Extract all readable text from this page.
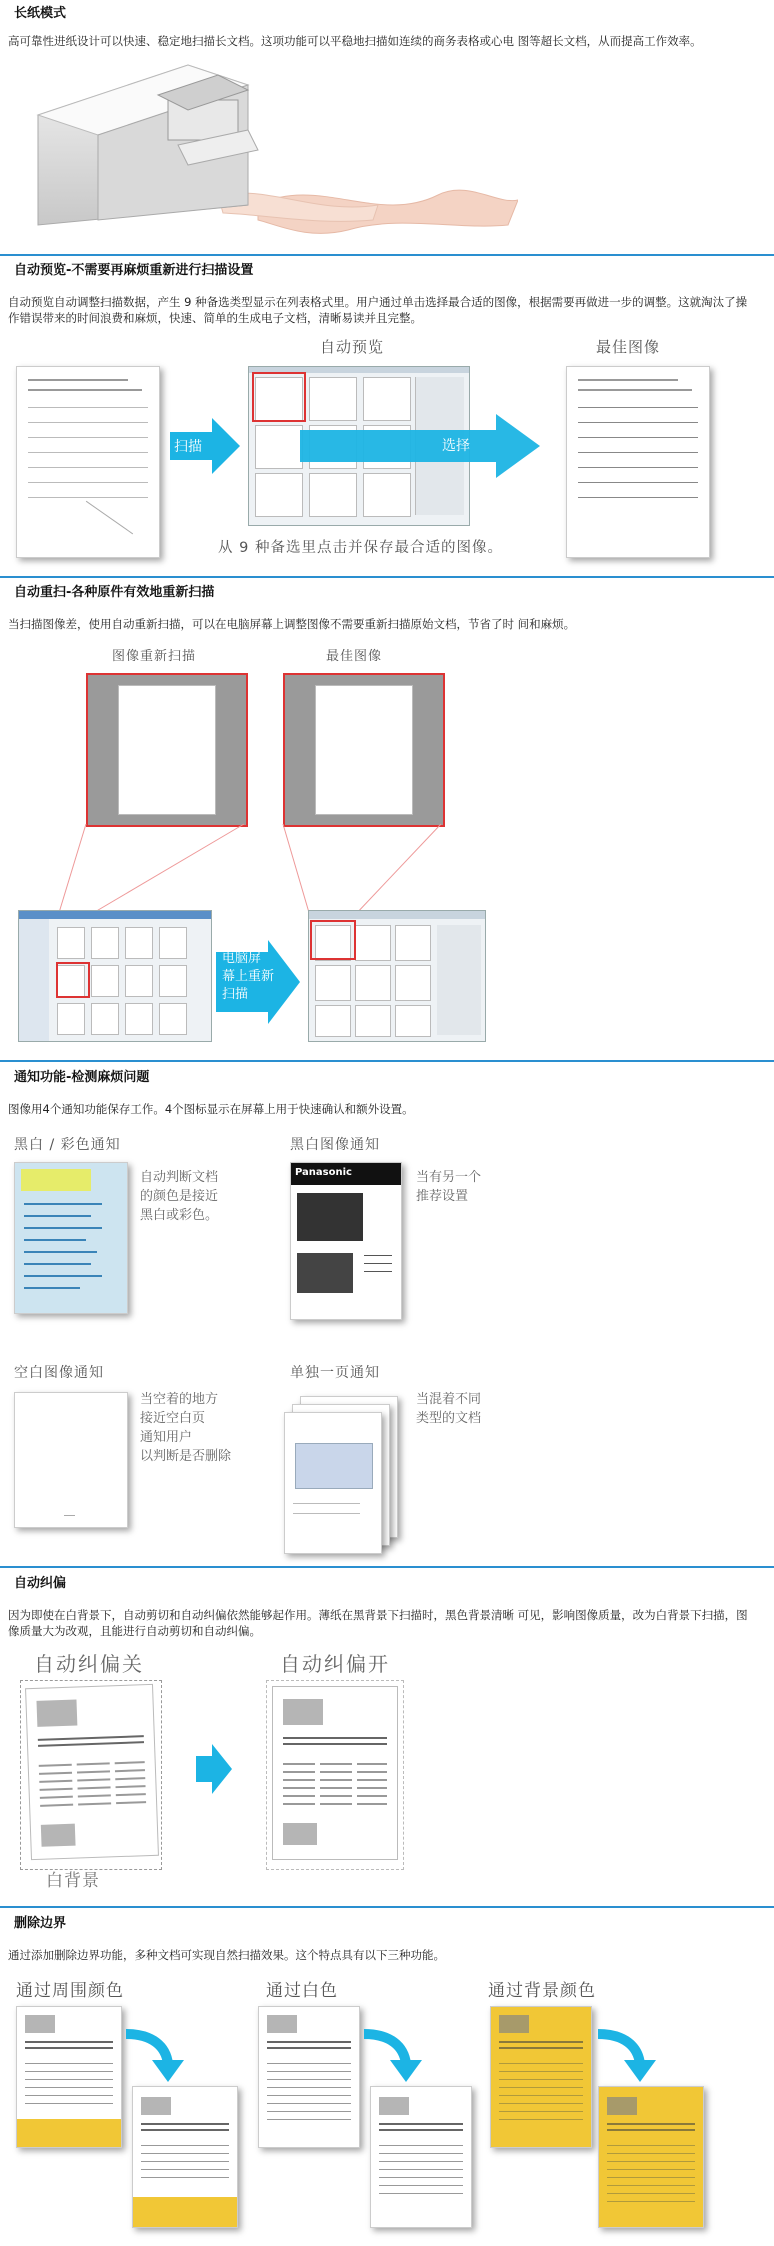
长纸模式
高可靠性进纸设计可以快速、稳定地扫描长文档。这项功能可以平稳地扫描如连续的商务表格或心电 图等超长文档，从而提高工作效率。
自动预览-不需要再麻烦重新进行扫描设置
自动预览自动调整扫描数据，产生 9 种备选类型显示在列表格式里。用户通过单击选择最合适的图像，根据需要再做进一步的调整。这就淘汰了操作错误带来的时间浪费和麻烦，快速、简单的生成电子文档，清晰易读并且完整。
自动预览	最佳图像
扫描	选择
从 9 种备选里点击并保存最合适的图像。
自动重扫-各种原件有效地重新扫描
当扫描图像差，使用自动重新扫描，可以在电脑屏幕上调整图像不需要重新扫描原始文档，节省了时 间和麻烦。
图像重新扫描	最佳图像
电脑屏
幕上重新
扫描
通知功能-检测麻烦问题
图像用4个通知功能保存工作。4个图标显示在屏幕上用于快速确认和额外设置。
黑白 / 彩色通知	黑白图像通知
自动判断文档
的颜色是接近
黑白或彩色。
Panasonic	当有另一个
推荐设置
空白图像通知	单独一页通知
当空着的地方
接近空白页
通知用户
以判断是否删除
当混着不同
类型的文档
自动纠偏
因为即使在白背景下，自动剪切和自动纠偏依然能够起作用。薄纸在黑背景下扫描时，黑色背景清晰 可见，影响图像质量，改为白背景下扫描，图像质量大为改观，且能进行自动剪切和自动纠偏。
自动纠偏关	自动纠偏开
白背景
删除边界
通过添加删除边界功能，多种文档可实现自然扫描效果。这个特点具有以下三种功能。
通过周围颜色	通过白色	通过背景颜色
